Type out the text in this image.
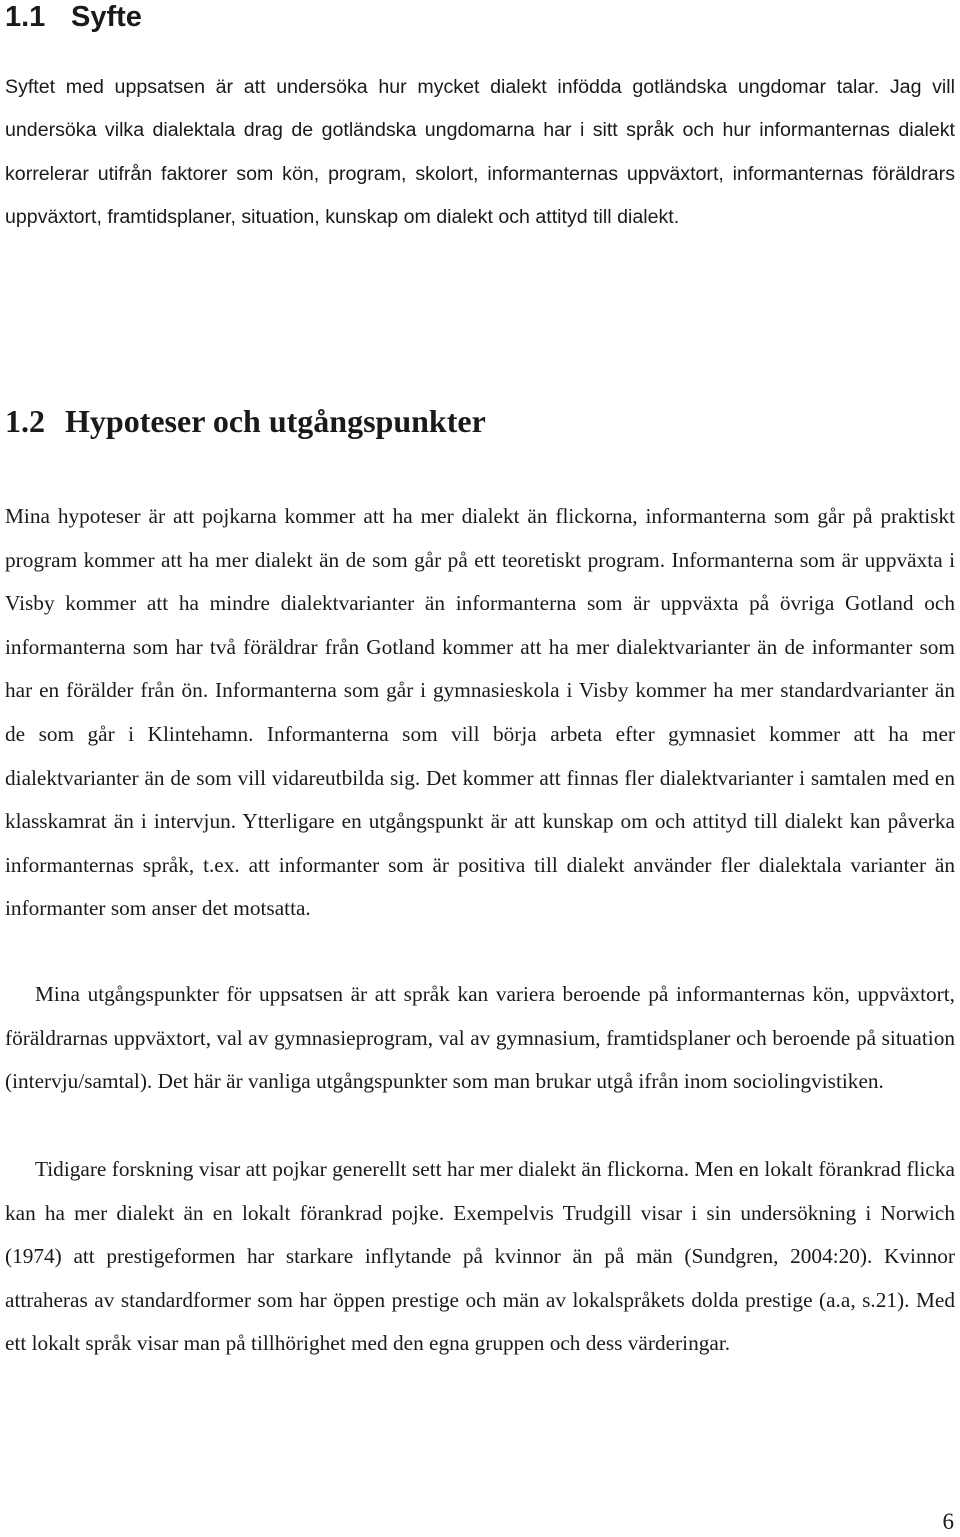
1.1 Syfte

Syftet med uppsatsen är att undersöka hur mycket dialekt infödda gotländska ungdomar talar. Jag vill undersöka vilka dialektala drag de gotländska ungdomarna har i sitt språk och hur informanternas dialekt korrelerar utifrån faktorer som kön, program, skolort, informanternas uppväxtort, informanternas föräldrars uppväxtort, framtidsplaner, situation, kunskap om dialekt och attityd till dialekt.

1.2 Hypoteser och utgångspunkter

Mina hypoteser är att pojkarna kommer att ha mer dialekt än flickorna, informanterna som går på praktiskt program kommer att ha mer dialekt än de som går på ett teoretiskt program. Informanterna som är uppväxta i Visby kommer att ha mindre dialektvarianter än informanterna som är uppväxta på övriga Gotland och informanterna som har två föräldrar från Gotland kommer att ha mer dialektvarianter än de informanter som har en förälder från ön. Informanterna som går i gymnasieskola i Visby kommer ha mer standardvarianter än de som går i Klintehamn. Informanterna som vill börja arbeta efter gymnasiet kommer att ha mer dialektvarianter än de som vill vidareutbilda sig. Det kommer att finnas fler dialektvarianter i samtalen med en klasskamrat än i intervjun. Ytterligare en utgångspunkt är att kunskap om och attityd till dialekt kan påverka informanternas språk, t.ex. att informanter som är positiva till dialekt använder fler dialektala varianter än informanter som anser det motsatta.

Mina utgångspunkter för uppsatsen är att språk kan variera beroende på informanternas kön, uppväxtort, föräldrarnas uppväxtort, val av gymnasieprogram, val av gymnasium, framtidsplaner och beroende på situation (intervju/samtal). Det här är vanliga utgångspunkter som man brukar utgå ifrån inom sociolingvistiken.

Tidigare forskning visar att pojkar generellt sett har mer dialekt än flickorna. Men en lokalt förankrad flicka kan ha mer dialekt än en lokalt förankrad pojke. Exempelvis Trudgill visar i sin undersökning i Norwich (1974) att prestigeformen har starkare inflytande på kvinnor än på män (Sundgren, 2004:20). Kvinnor attraheras av standardformer som har öppen prestige och män av lokalspråkets dolda prestige (a.a, s.21). Med ett lokalt språk visar man på tillhörighet med den egna gruppen och dess värderingar.

6
